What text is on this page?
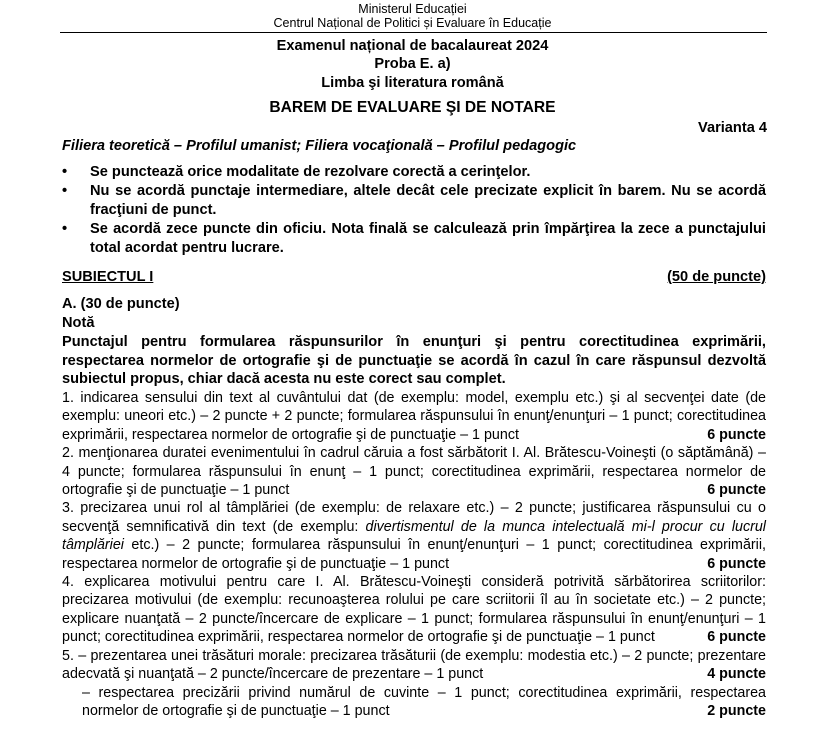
Ministerul Educației
Centrul Național de Politici și Evaluare în Educație
Examenul național de bacalaureat 2024
Proba E. a)
Limba şi literatura română
BAREM DE EVALUARE ŞI DE NOTARE
Varianta 4
Filiera teoretică – Profilul umanist; Filiera vocaţională – Profilul pedagogic
• Se punctează orice modalitate de rezolvare corectă a cerinţelor.
• Nu se acordă punctaje intermediare, altele decât cele precizate explicit în barem. Nu se acordă fracţiuni de punct.
• Se acordă zece puncte din oficiu. Nota finală se calculează prin împărţirea la zece a punctajului total acordat pentru lucrare.
SUBIECTUL I	(50 de puncte)
A. (30 de puncte)
Notă
Punctajul pentru formularea răspunsurilor în enunţuri şi pentru corectitudinea exprimării, respectarea normelor de ortografie şi de punctuaţie se acordă în cazul în care răspunsul dezvoltă subiectul propus, chiar dacă acesta nu este corect sau complet.

1. indicarea sensului din text al cuvântului dat (de exemplu: model, exemplu etc.) şi al secvenţei date (de exemplu: uneori etc.) – 2 puncte + 2 puncte; formularea răspunsului în enunţ/enunţuri – 1 punct; corectitudinea exprimării, respectarea normelor de ortografie şi de punctuaţie – 1 punct	6 puncte

2. menţionarea duratei evenimentului în cadrul căruia a fost sărbătorit I. Al. Brătescu-Voineşti (o săptămână) – 4 puncte; formularea răspunsului în enunţ – 1 punct; corectitudinea exprimării, respectarea normelor de ortografie şi de punctuaţie – 1 punct	6 puncte

3. precizarea unui rol al tâmplăriei (de exemplu: de relaxare etc.) – 2 puncte; justificarea răspunsului cu o secvenţă semnificativă din text (de exemplu: divertismentul de la munca intelectuală mi-l procur cu lucrul tâmplăriei etc.) – 2 puncte; formularea răspunsului în enunţ/enunţuri – 1 punct; corectitudinea exprimării, respectarea normelor de ortografie şi de punctuaţie – 1 punct	6 puncte

4. explicarea motivului pentru care I. Al. Brătescu-Voineşti consideră potrivită sărbătorirea scriitorilor: precizarea motivului (de exemplu: recunoaşterea rolului pe care scriitorii îl au în societate etc.) – 2 puncte; explicare nuanţată – 2 puncte/încercare de explicare – 1 punct; formularea răspunsului în enunţ/enunţuri – 1 punct; corectitudinea exprimării, respectarea normelor de ortografie şi de punctuaţie – 1 punct	6 puncte

5. – prezentarea unei trăsături morale: precizarea trăsăturii (de exemplu: modestia etc.) – 2 puncte; prezentare adecvată şi nuanţată – 2 puncte/încercare de prezentare – 1 punct	4 puncte

– respectarea precizării privind numărul de cuvinte – 1 punct; corectitudinea exprimării, respectarea normelor de ortografie şi de punctuaţie – 1 punct	2 puncte
